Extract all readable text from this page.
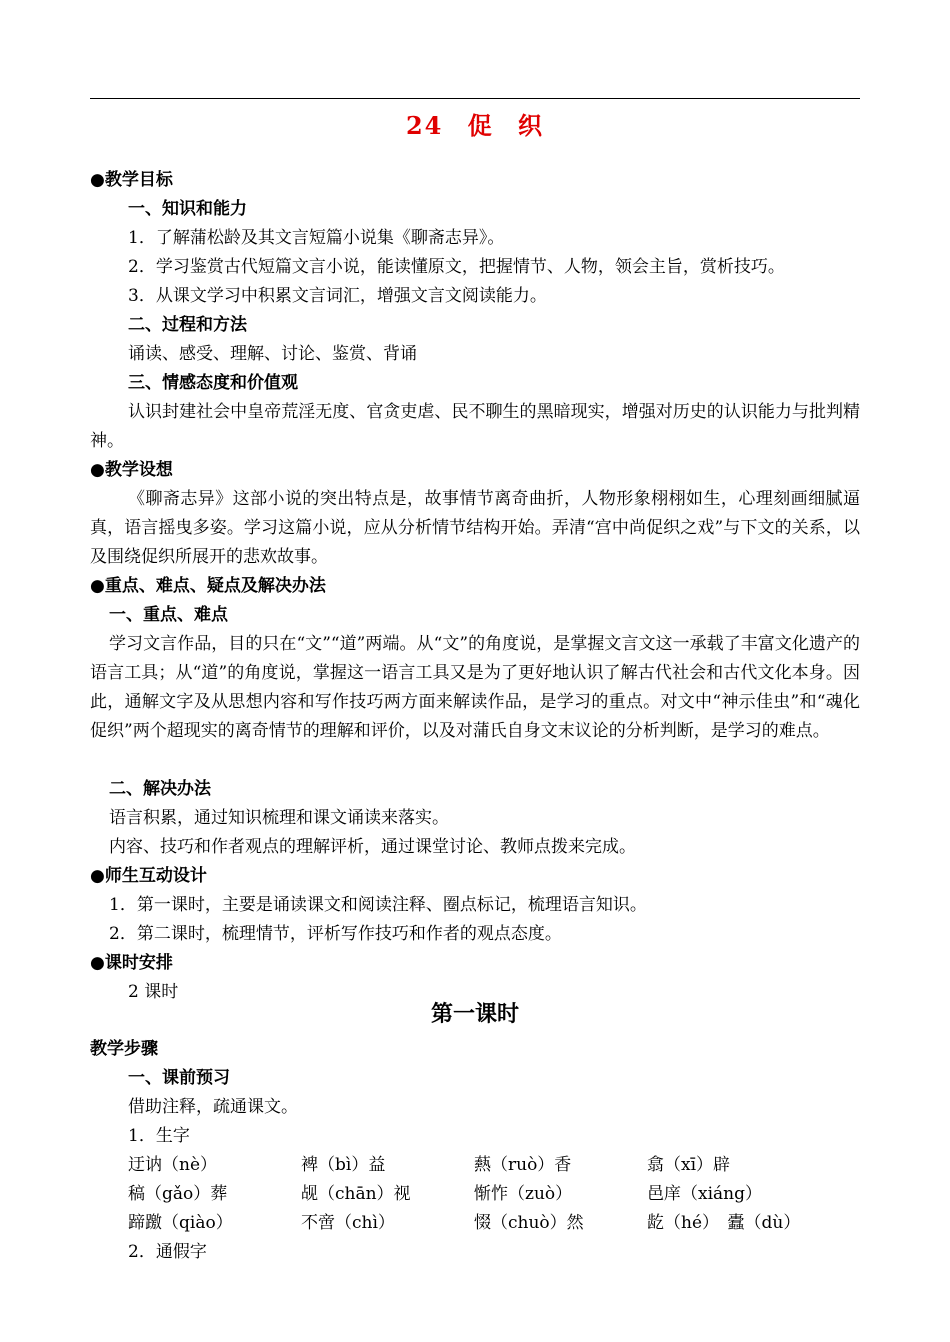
24 促 织
●教学目标
一、知识和能力
1．了解蒲松龄及其文言短篇小说集《聊斋志异》。
2．学习鉴赏古代短篇文言小说，能读懂原文，把握情节、人物，领会主旨，赏析技巧。
3．从课文学习中积累文言词汇，增强文言文阅读能力。
二、过程和方法
诵读、感受、理解、讨论、鉴赏、背诵
三、情感态度和价值观
认识封建社会中皇帝荒淫无度、官贪吏虐、民不聊生的黑暗现实，增强对历史的认识能力与批判精神。
●教学设想
《聊斋志异》这部小说的突出特点是，故事情节离奇曲折，人物形象栩栩如生，心理刻画细腻逼真，语言摇曳多姿。学习这篇小说，应从分析情节结构开始。弄清“宫中尚促织之戏”与下文的关系，以及围绕促织所展开的悲欢故事。
●重点、难点、疑点及解决办法
一、重点、难点
学习文言作品，目的只在“文”“道”两端。从“文”的角度说，是掌握文言文这一承载了丰富文化遗产的语言工具；从“道”的角度说，掌握这一语言工具又是为了更好地认识了解古代社会和古代文化本身。因此，通解文字及从思想内容和写作技巧两方面来解读作品，是学习的重点。对文中“神示佳虫”和“魂化促织”两个超现实的离奇情节的理解和评价，以及对蒲氏自身文末议论的分析判断，是学习的难点。
二、解决办法
语言积累，通过知识梳理和课文诵读来落实。
内容、技巧和作者观点的理解评析，通过课堂讨论、教师点拨来完成。
●师生互动设计
1．第一课时，主要是诵读课文和阅读注释、圈点标记，梳理语言知识。
2．第二课时，梳理情节，评析写作技巧和作者的观点态度。
●课时安排
2 课时
第一课时
教学步骤
一、课前预习
借助注释，疏通课文。
1．生字
迂讷（nè）	裨（bì）益	爇（ruò）香	翕（xī）辟
稿（gǎo）葬	觇（chān）视	惭怍（zuò）	邑庠（xiáng）
蹄躈（qiào）	不啻（chì）	惙（chuò）然	龁（hé）　蠹（dù）
2．通假字
